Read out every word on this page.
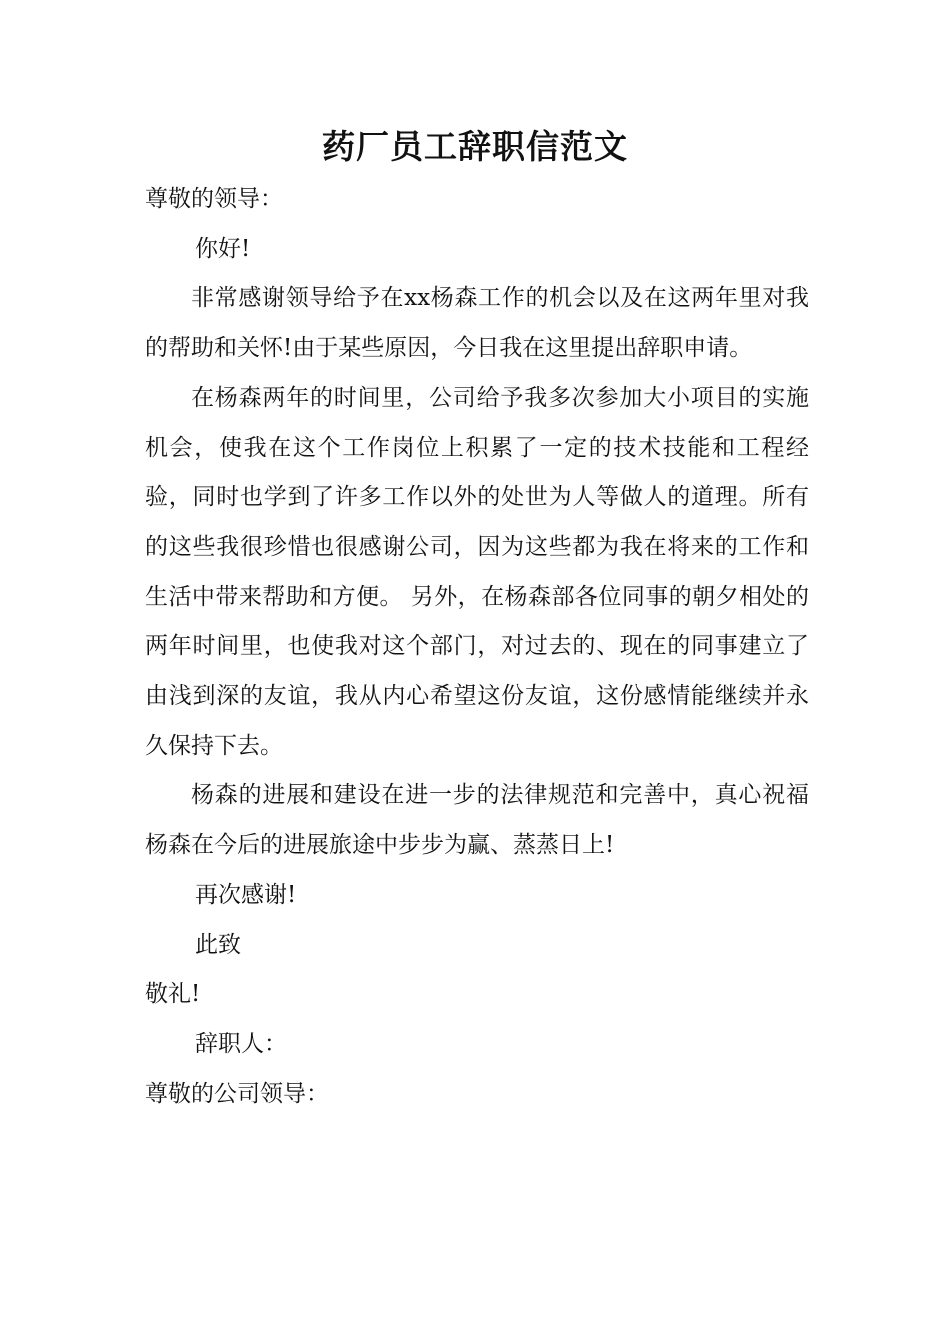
药厂员工辞职信范文

尊敬的领导：

你好!

非常感谢领导给予在xx杨森工作的机会以及在这两年里对我的帮助和关怀!由于某些原因，今日我在这里提出辞职申请。

在杨森两年的时间里，公司给予我多次参加大小项目的实施机会，使我在这个工作岗位上积累了一定的技术技能和工程经验，同时也学到了许多工作以外的处世为人等做人的道理。所有的这些我很珍惜也很感谢公司，因为这些都为我在将来的工作和生活中带来帮助和方便。 另外，在杨森部各位同事的朝夕相处的两年时间里，也使我对这个部门，对过去的、现在的同事建立了由浅到深的友谊，我从内心希望这份友谊，这份感情能继续并永久保持下去。

杨森的进展和建设在进一步的法律规范和完善中，真心祝福杨森在今后的进展旅途中步步为赢、蒸蒸日上!

再次感谢!

此致

敬礼!

辞职人：

尊敬的公司领导：
